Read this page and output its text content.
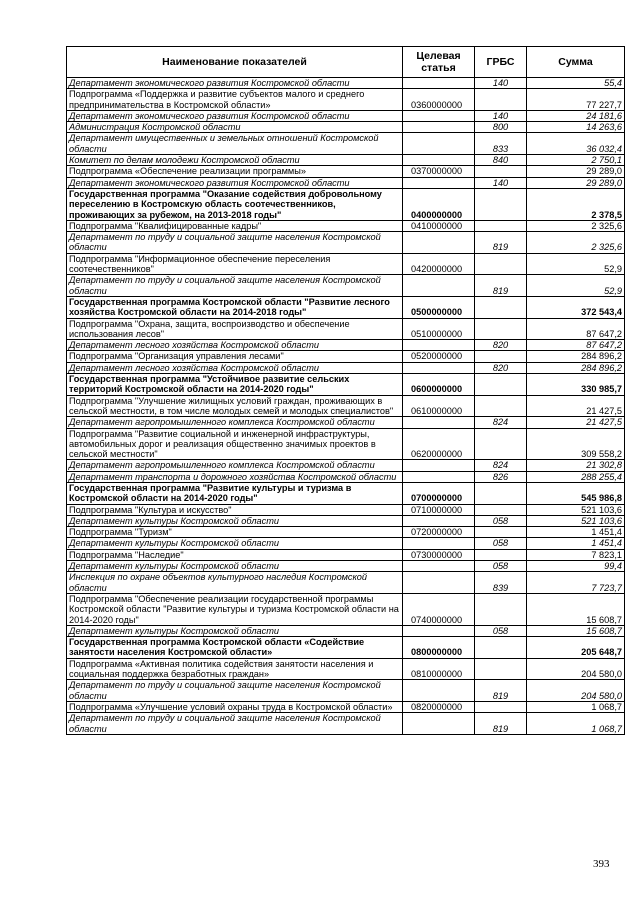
Наименование показателей	Целевая статья	ГРБС	Сумма
Департамент экономического развития Костромской области		140	55,4
Подпрограмма «Поддержка и развитие субъектов малого и среднего предпринимательства в Костромской области»	0360000000		77 227,7
Департамент экономического развития Костромской области		140	24 181,6
Администрация Костромской области		800	14 263,6
Департамент имущественных и земельных отношений Костромской области		833	36 032,4
Комитет по делам молодежи Костромской области		840	2 750,1
Подпрограмма «Обеспечение реализации программы»	0370000000		29 289,0
Департамент экономического развития Костромской области		140	29 289,0
Государственная программа "Оказание содействия добровольному переселению в Костромскую область соотечественников, проживающих за рубежом, на 2013-2018 годы"	0400000000		2 378,5
Подпрограмма "Квалифицированные кадры"	0410000000		2 325,6
Департамент по труду и социальной защите населения Костромской области		819	2 325,6
Подпрограмма "Информационное обеспечение переселения соотечественников"	0420000000		52,9
Департамент по труду и социальной защите населения Костромской области		819	52,9
Государственная программа Костромской области "Развитие лесного хозяйства Костромской области на 2014-2018 годы"	0500000000		372 543,4
Подпрограмма "Охрана, защита, воспроизводство и обеспечение использования лесов"	0510000000		87 647,2
Департамент лесного хозяйства Костромской области		820	87 647,2
Подпрограмма "Организация управления лесами"	0520000000		284 896,2
Департамент лесного хозяйства Костромской области		820	284 896,2
Государственная программа "Устойчивое развитие сельских территорий Костромской области на 2014-2020 годы"	0600000000		330 985,7
Подпрограмма "Улучшение жилищных условий граждан, проживающих в сельской местности, в том числе молодых семей и молодых специалистов"	0610000000		21 427,5
Департамент агропромышленного комплекса Костромской области		824	21 427,5
Подпрограмма "Развитие социальной и инженерной инфраструктуры, автомобильных дорог и реализация общественно значимых проектов в сельской местности"	0620000000		309 558,2
Департамент агропромышленного комплекса Костромской области		824	21 302,8
Департамент транспорта и дорожного хозяйства Костромской области		826	288 255,4
Государственная программа "Развитие культуры и туризма в Костромской области на 2014-2020 годы"	0700000000		545 986,8
Подпрограмма "Культура и искусство"	0710000000		521 103,6
Департамент культуры Костромской области		058	521 103,6
Подпрограмма "Туризм"	0720000000		1 451,4
Департамент культуры Костромской области		058	1 451,4
Подпрограмма "Наследие"	0730000000		7 823,1
Департамент культуры Костромской области		058	99,4
Инспекция по охране объектов культурного наследия Костромской области		839	7 723,7
Подпрограмма "Обеспечение реализации государственной программы Костромской области "Развитие культуры и туризма Костромской области на 2014-2020 годы"	0740000000		15 608,7
Департамент культуры Костромской области		058	15 608,7
Государственная программа Костромской области «Содействие занятости населения Костромской области»	0800000000		205 648,7
Подпрограмма «Активная политика содействия занятости населения и социальная поддержка безработных граждан»	0810000000		204 580,0
Департамент по труду и социальной защите населения Костромской области		819	204 580,0
Подпрограмма «Улучшение условий охраны труда в Костромской области»	0820000000		1 068,7
Департамент по труду и социальной защите населения Костромской области		819	1 068,7
393
